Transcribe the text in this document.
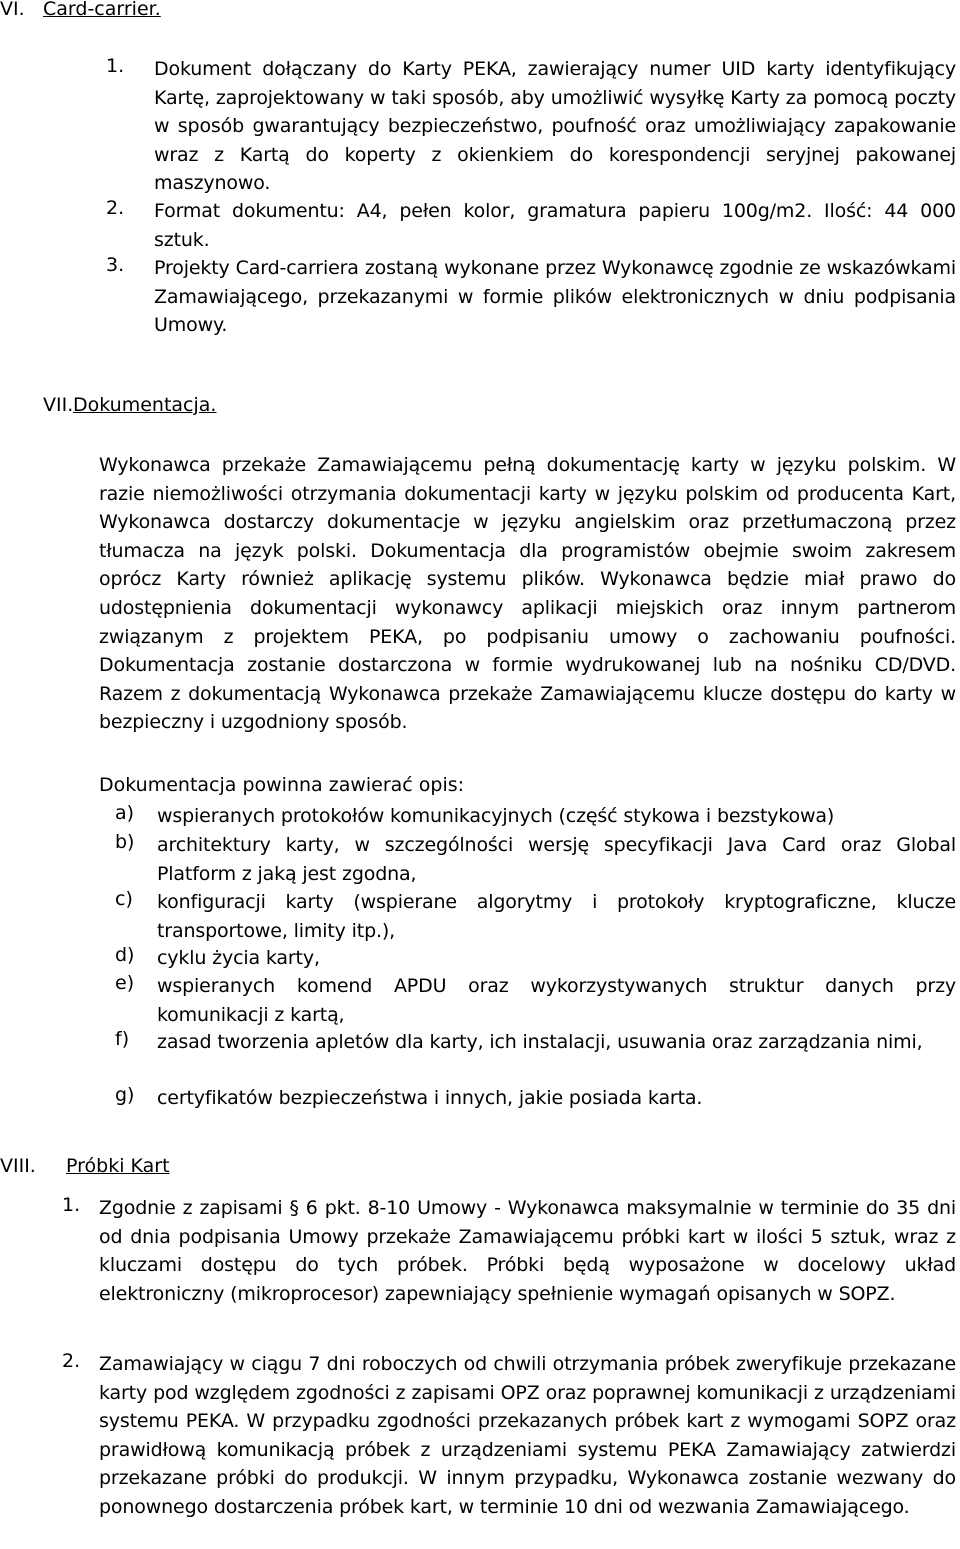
VI. Card-carrier.
1.	Dokument dołączany do Karty PEKA, zawierający numer UID karty identyfikujący Kartę, zaprojektowany w taki sposób, aby umożliwić wysyłkę Karty za pomocą poczty w sposób gwarantujący bezpieczeństwo, poufność oraz umożliwiający zapakowanie wraz z Kartą do koperty z okienkiem do korespondencji seryjnej pakowanej maszynowo.

2.	Format dokumentu: A4, pełen kolor, gramatura papieru 100g/m2. Ilość: 44 000 sztuk.

3.	Projekty Card-carriera zostaną wykonane przez Wykonawcę zgodnie ze wskazówkami Zamawiającego, przekazanymi w formie plików elektronicznych w dniu podpisania Umowy.

VII. Dokumentacja.

Wykonawca przekaże Zamawiającemu pełną dokumentację karty w języku polskim. W razie niemożliwości otrzymania dokumentacji karty w języku polskim od producenta Kart, Wykonawca dostarczy dokumentacje w języku angielskim oraz przetłumaczoną przez tłumacza na język polski. Dokumentacja dla programistów obejmie swoim zakresem oprócz Karty również aplikację systemu plików. Wykonawca będzie miał prawo do udostępnienia dokumentacji wykonawcy aplikacji miejskich oraz innym partnerom związanym z projektem PEKA, po podpisaniu umowy o zachowaniu poufności. Dokumentacja zostanie dostarczona w formie wydrukowanej lub na nośniku CD/DVD. Razem z dokumentacją Wykonawca przekaże Zamawiającemu klucze dostępu do karty w bezpieczny i uzgodniony sposób.

Dokumentacja powinna zawierać opis:
a)	wspieranych protokołów komunikacyjnych (część stykowa i bezstykowa)

b)	architektury karty, w szczególności wersję specyfikacji Java Card oraz Global Platform z jaką jest zgodna,

c)	konfiguracji karty (wspierane algorytmy i protokoły kryptograficzne, klucze transportowe, limity itp.),

d)	cyklu życia karty,

e)	wspieranych komend APDU oraz wykorzystywanych struktur danych przy komunikacji z kartą,

f)	zasad tworzenia apletów dla karty, ich instalacji, usuwania oraz zarządzania nimi,

g)	certyfikatów bezpieczeństwa i innych, jakie posiada karta.

VIII.	Próbki Kart
1. Zgodnie z zapisami § 6 pkt. 8-10 Umowy - Wykonawca maksymalnie w terminie do 35 dni od dnia podpisania Umowy przekaże Zamawiającemu próbki kart w ilości 5 sztuk, wraz z kluczami dostępu do tych próbek. Próbki będą wyposażone w docelowy układ elektroniczny (mikroprocesor) zapewniający spełnienie wymagań opisanych w SOPZ.

2. Zamawiający w ciągu 7 dni roboczych od chwili otrzymania próbek zweryfikuje przekazane karty pod względem zgodności z zapisami OPZ oraz poprawnej komunikacji z urządzeniami systemu PEKA. W przypadku zgodności przekazanych próbek kart z wymogami SOPZ oraz prawidłową komunikacją próbek z urządzeniami systemu PEKA Zamawiający zatwierdzi przekazane próbki do produkcji. W innym przypadku, Wykonawca zostanie wezwany do ponownego dostarczenia próbek kart, w terminie 10 dni od wezwania Zamawiającego.
